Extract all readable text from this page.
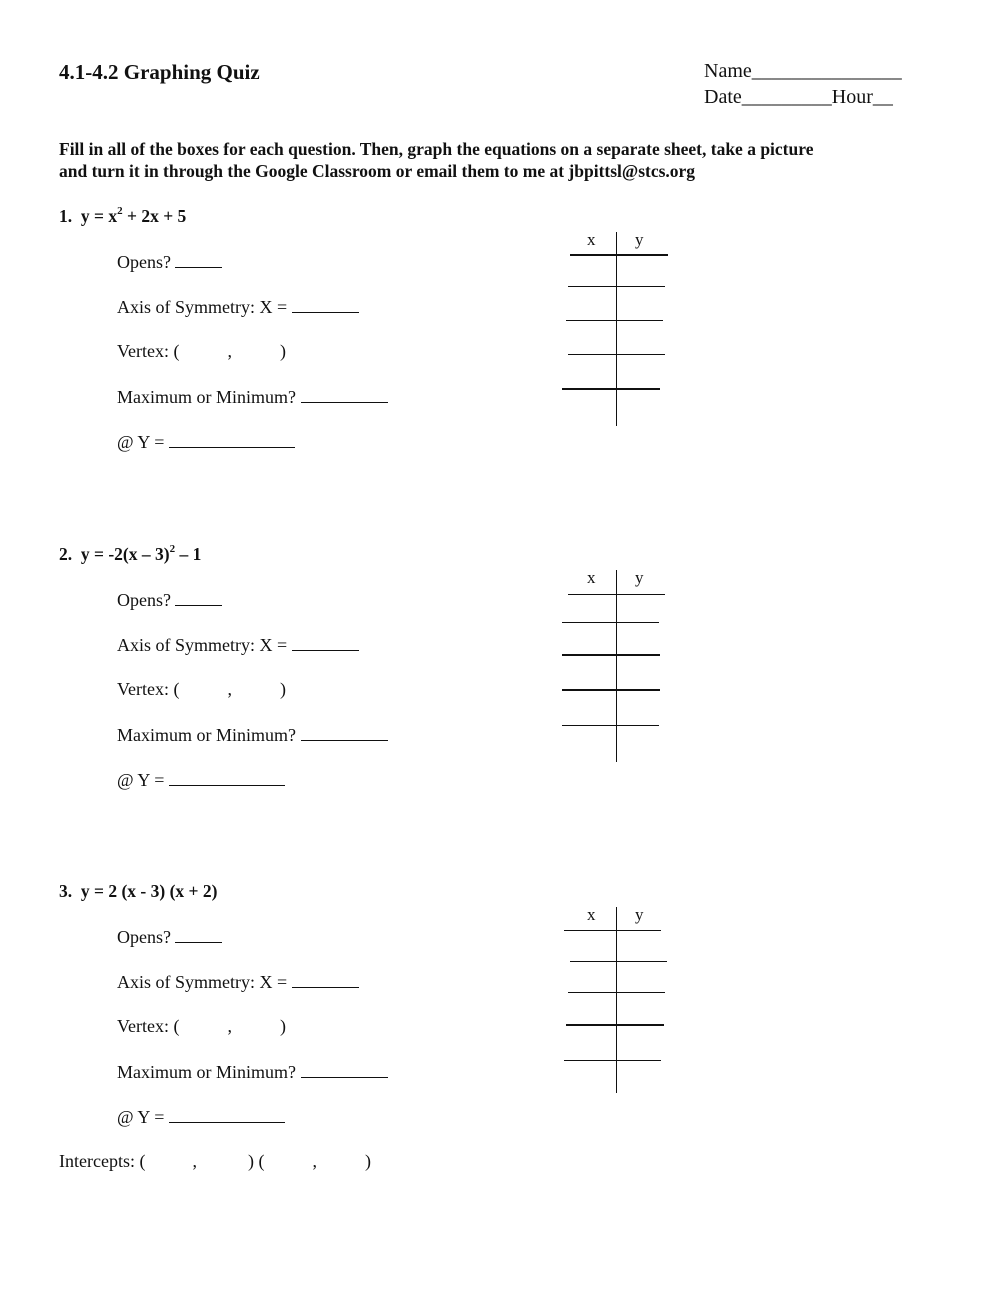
4.1-4.2 Graphing Quiz	Name_______________
Date_________Hour__
Fill in all of the boxes for each question. Then, graph the equations on a separate sheet, take a picture
and turn it in through the Google Classroom or email them to me at jbpittsl@stcs.org
1. $y = x^2 + 2x + 5$
Opens?
Axis of Symmetry: X =
Vertex: (	,	)
Maximum or Minimum?
@ Y =
x y
2. y = -2(x – 3)$^2$ – 1
Opens?
Axis of Symmetry: X =
Vertex: (	,	)
Maximum or Minimum?
@ Y =
x y
3. y = 2 (x - 3) (x + 2)
Opens?
Axis of Symmetry: X =
Vertex: (	,	)
Maximum or Minimum?
@ Y =
x y
Intercepts: (	,	) (	,	)
